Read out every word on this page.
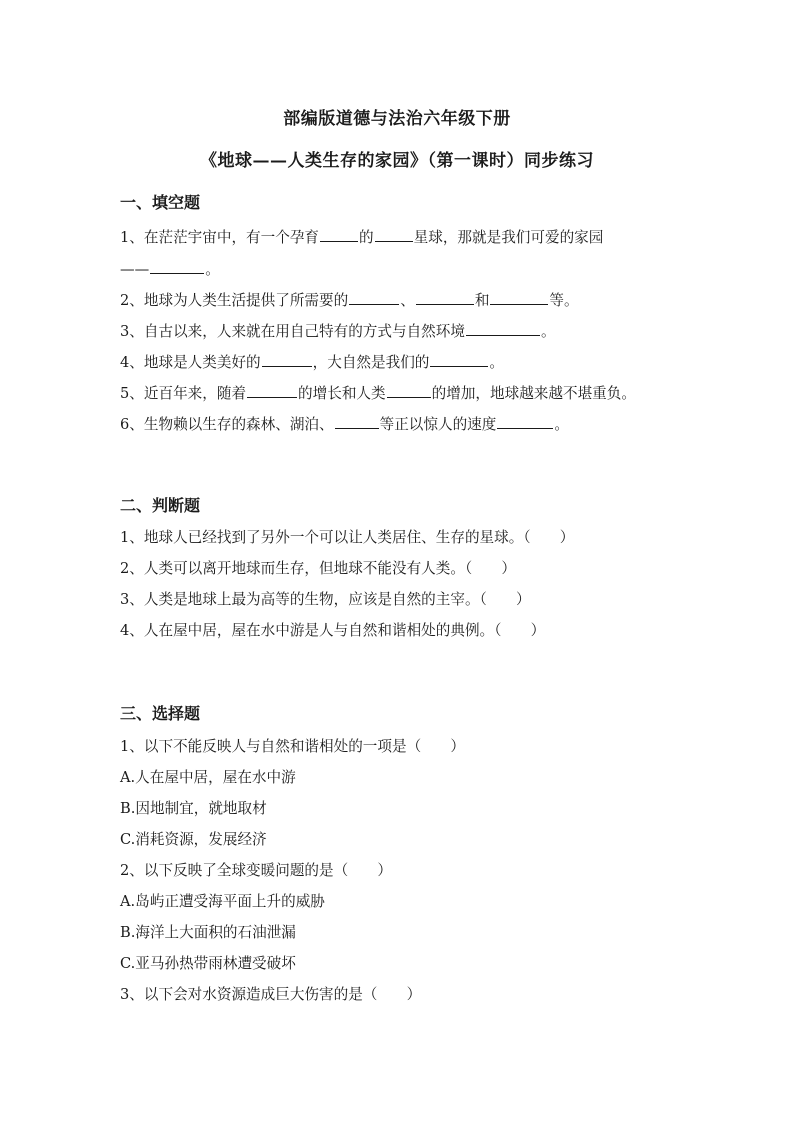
部编版道德与法治六年级下册
《地球——人类生存的家园》（第一课时）同步练习
一、填空题
1、在茫茫宇宙中，有一个孕育	的	星球，那就是我们可爱的家园
——	。
2、地球为人类生活提供了所需要的	、	和	等。
3、自古以来，人来就在用自己特有的方式与自然环境	。
4、地球是人类美好的	，大自然是我们的	。
5、近百年来，随着	的增长和人类	的增加，地球越来越不堪重负。
6、生物赖以生存的森林、湖泊、	等正以惊人的速度	。
二、判断题
1、地球人已经找到了另外一个可以让人类居住、生存的星球。（　　）
2、人类可以离开地球而生存，但地球不能没有人类。（　　）
3、人类是地球上最为高等的生物，应该是自然的主宰。（　　）
4、人在屋中居，屋在水中游是人与自然和谐相处的典例。（　　）
三、选择题
1、以下不能反映人与自然和谐相处的一项是（　　）
A.人在屋中居，屋在水中游
B.因地制宜，就地取材
C.消耗资源，发展经济
2、以下反映了全球变暖问题的是（　　）
A.岛屿正遭受海平面上升的威胁
B.海洋上大面积的石油泄漏
C.亚马孙热带雨林遭受破坏
3、以下会对水资源造成巨大伤害的是（　　）
